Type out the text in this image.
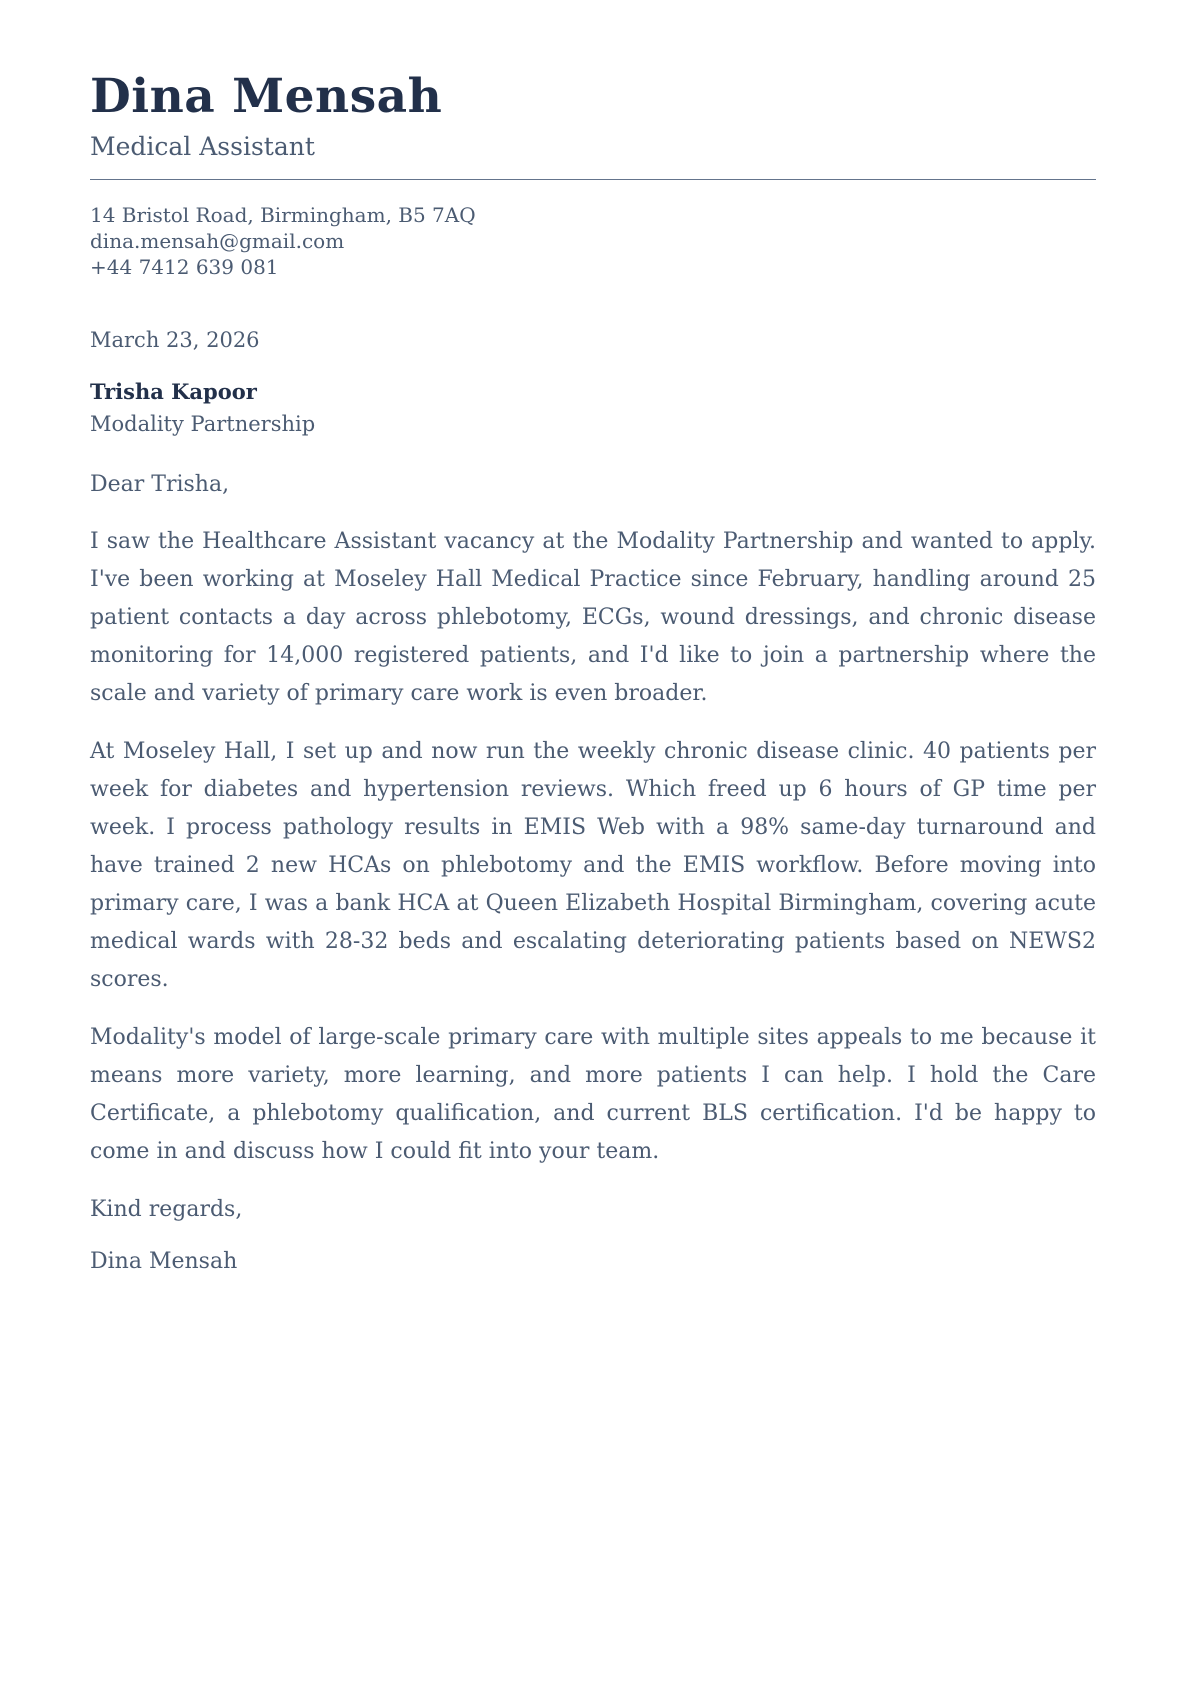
Dina Mensah
Medical Assistant
14 Bristol Road, Birmingham, B5 7AQ
dina.mensah@gmail.com
+44 7412 639 081
March 23, 2026
Trisha Kapoor
Modality Partnership

Dear Trisha,

I saw the Healthcare Assistant vacancy at the Modality Partnership and wanted to apply. I've been working at Moseley Hall Medical Practice since February, handling around 25 patient contacts a day across phlebotomy, ECGs, wound dressings, and chronic disease monitoring for 14,000 registered patients, and I'd like to join a partnership where the scale and variety of primary care work is even broader.

At Moseley Hall, I set up and now run the weekly chronic disease clinic. 40 patients per week for diabetes and hypertension reviews. Which freed up 6 hours of GP time per week. I process pathology results in EMIS Web with a 98% same-day turnaround and have trained 2 new HCAs on phlebotomy and the EMIS workflow. Before moving into primary care, I was a bank HCA at Queen Elizabeth Hospital Birmingham, covering acute medical wards with 28-32 beds and escalating deteriorating patients based on NEWS2 scores.

Modality's model of large-scale primary care with multiple sites appeals to me because it means more variety, more learning, and more patients I can help. I hold the Care Certificate, a phlebotomy qualification, and current BLS certification. I'd be happy to come in and discuss how I could fit into your team.

Kind regards,

Dina Mensah
